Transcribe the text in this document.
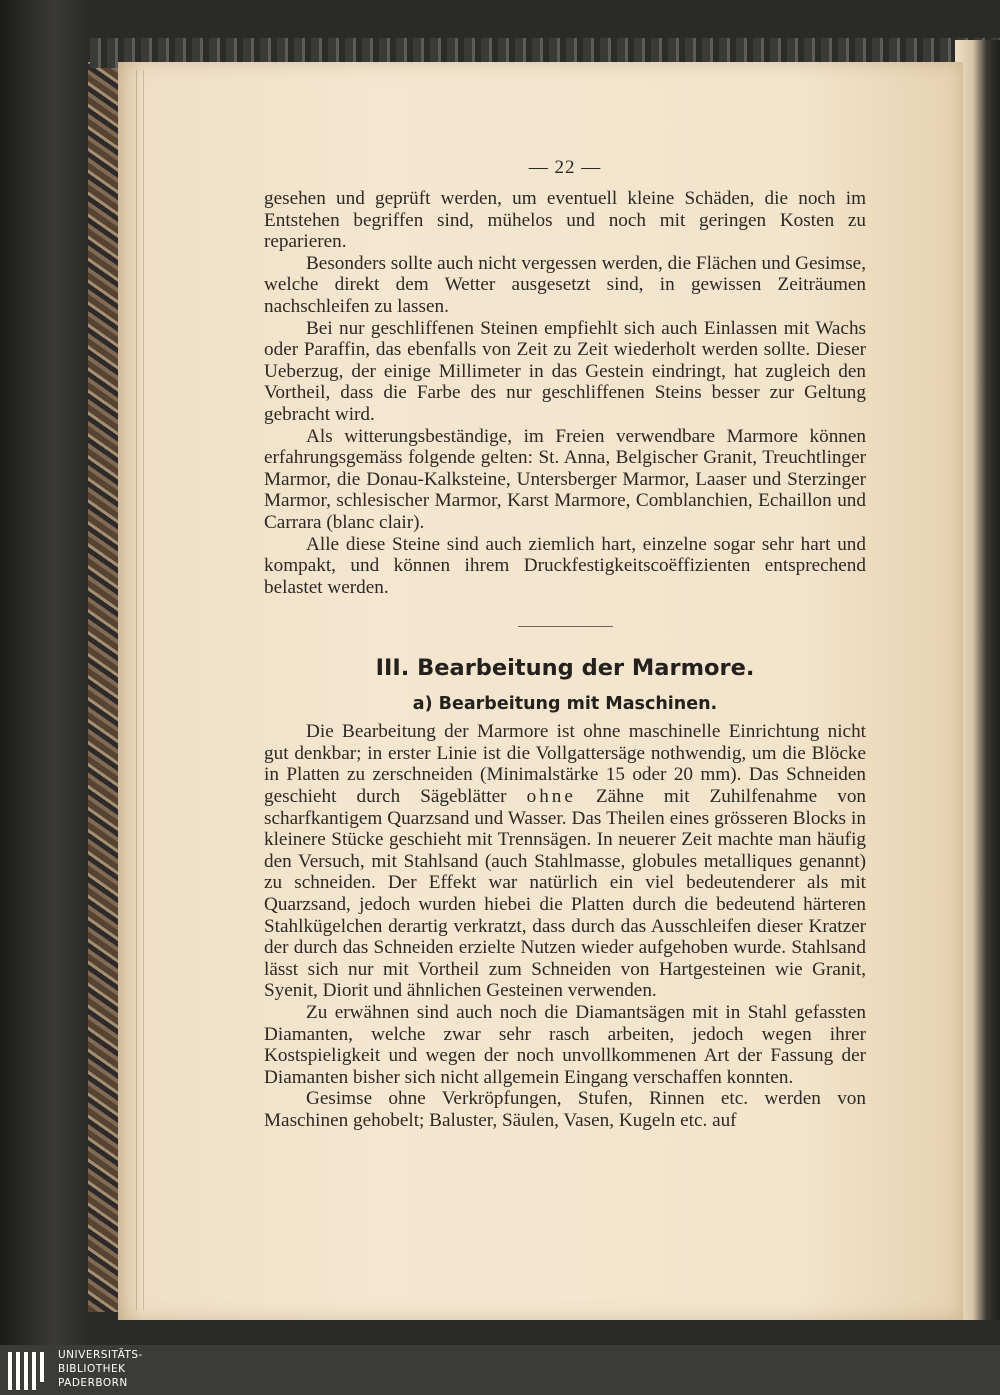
— 22 —

gesehen und geprüft werden, um eventuell kleine Schäden, die noch im Entstehen begriffen sind, mühelos und noch mit geringen Kosten zu reparieren.

Besonders sollte auch nicht vergessen werden, die Flächen und Gesimse, welche direkt dem Wetter ausgesetzt sind, in gewissen Zeiträumen nachschleifen zu lassen.

Bei nur geschliffenen Steinen empfiehlt sich auch Einlassen mit Wachs oder Paraffin, das ebenfalls von Zeit zu Zeit wiederholt werden sollte. Dieser Ueberzug, der einige Millimeter in das Gestein eindringt, hat zugleich den Vortheil, dass die Farbe des nur geschliffenen Steins besser zur Geltung gebracht wird.

Als witterungsbeständige, im Freien verwendbare Marmore können erfahrungsgemäss folgende gelten: St. Anna, Belgischer Granit, Treuchtlinger Marmor, die Donau-Kalksteine, Untersberger Marmor, Laaser und Sterzinger Marmor, schlesischer Marmor, Karst Marmore, Comblanchien, Echaillon und Carrara (blanc clair).

Alle diese Steine sind auch ziemlich hart, einzelne sogar sehr hart und kompakt, und können ihrem Druckfestigkeitscoëffizienten entsprechend belastet werden.

III. Bearbeitung der Marmore.
a) Bearbeitung mit Maschinen.

Die Bearbeitung der Marmore ist ohne maschinelle Einrichtung nicht gut denkbar; in erster Linie ist die Vollgattersäge nothwendig, um die Blöcke in Platten zu zerschneiden (Minimalstärke 15 oder 20 mm). Das Schneiden geschieht durch Sägeblätter ohne Zähne mit Zuhilfenahme von scharfkantigem Quarzsand und Wasser. Das Theilen eines grösseren Blocks in kleinere Stücke geschieht mit Trennsägen. In neuerer Zeit machte man häufig den Versuch, mit Stahlsand (auch Stahlmasse, globules metalliques genannt) zu schneiden. Der Effekt war natürlich ein viel bedeutenderer als mit Quarzsand, jedoch wurden hiebei die Platten durch die bedeutend härteren Stahlkügelchen derartig verkratzt, dass durch das Ausschleifen dieser Kratzer der durch das Schneiden erzielte Nutzen wieder aufgehoben wurde. Stahlsand lässt sich nur mit Vortheil zum Schneiden von Hartgesteinen wie Granit, Syenit, Diorit und ähnlichen Gesteinen verwenden.

Zu erwähnen sind auch noch die Diamantsägen mit in Stahl gefassten Diamanten, welche zwar sehr rasch arbeiten, jedoch wegen ihrer Kostspieligkeit und wegen der noch unvollkommenen Art der Fassung der Diamanten bisher sich nicht allgemein Eingang verschaffen konnten.

Gesimse ohne Verkröpfungen, Stufen, Rinnen etc. werden von Maschinen gehobelt; Baluster, Säulen, Vasen, Kugeln etc. auf

UNIVERSITÄTS-
BIBLIOTHEK
PADERBORN
